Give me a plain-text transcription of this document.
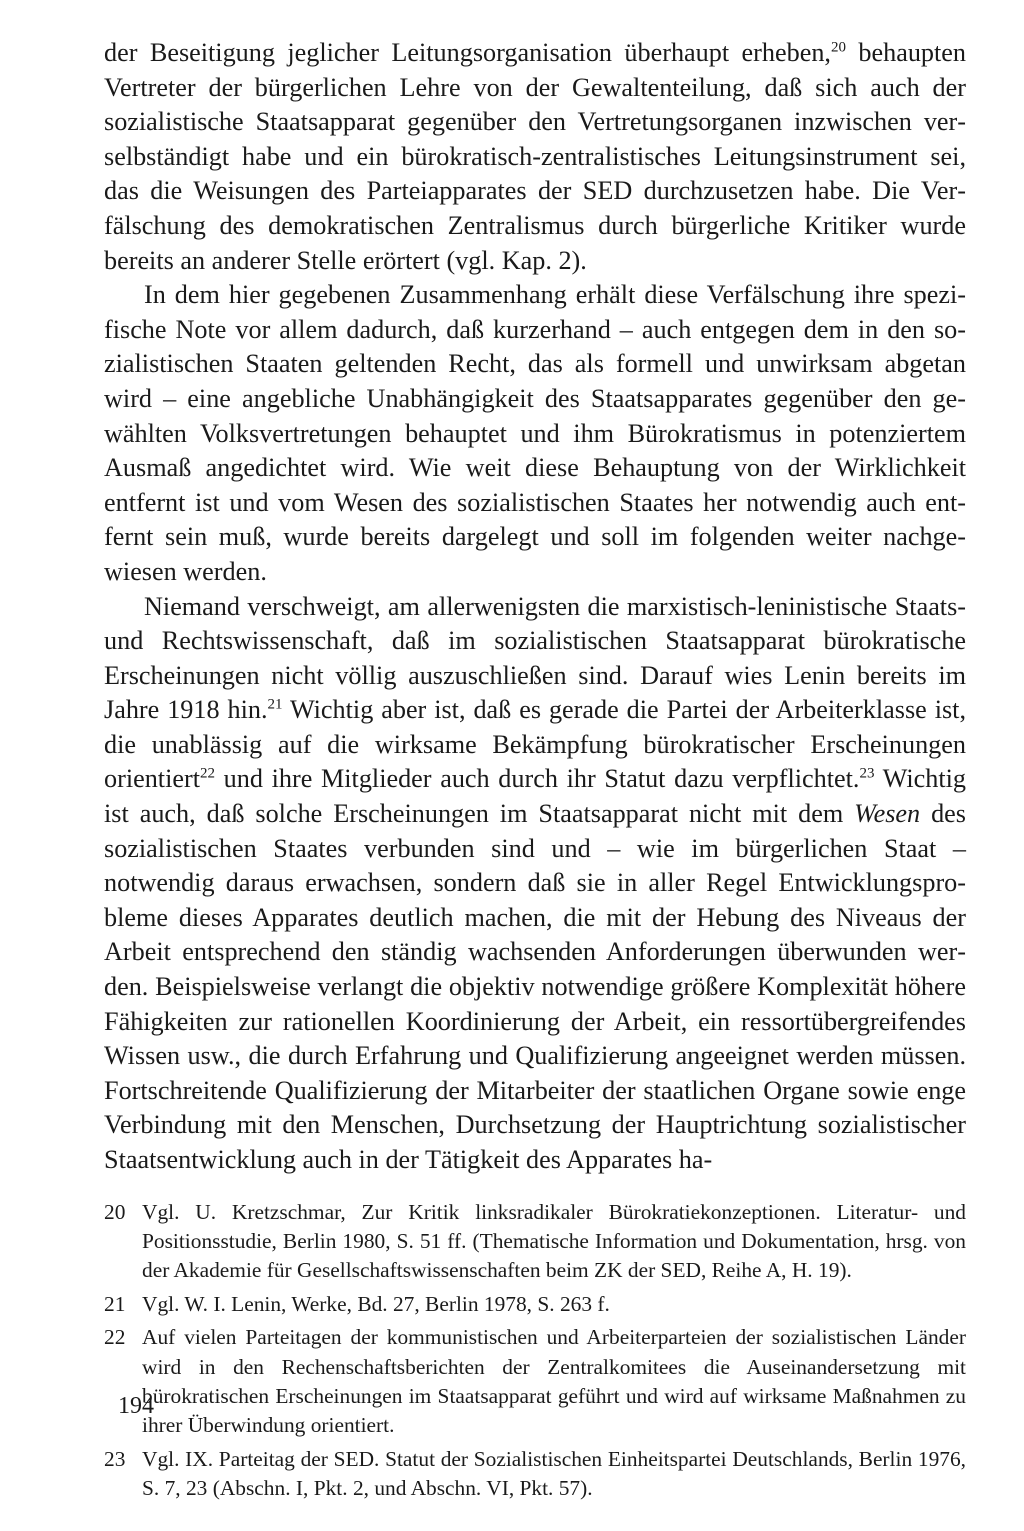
der Beseitigung jeglicher Leitungsorganisation überhaupt erheben,$^{20}$ behaupten Vertreter der bürgerlichen Lehre von der Gewaltenteilung, daß sich auch der sozialistische Staatsapparat gegenüber den Vertretungsorganen inzwischen verselbständigt habe und ein bürokratisch-zentralistisches Leitungsinstrument sei, das die Weisungen des Parteiapparates der SED durchzusetzen habe. Die Verfälschung des demokratischen Zentralismus durch bürgerliche Kritiker wurde bereits an anderer Stelle erörtert (vgl. Kap. 2).

In dem hier gegebenen Zusammenhang erhält diese Verfälschung ihre spezifische Note vor allem dadurch, daß kurzerhand – auch entgegen dem in den sozialistischen Staaten geltenden Recht, das als formell und unwirksam abgetan wird – eine angebliche Unabhängigkeit des Staatsapparates gegenüber den gewählten Volksvertretungen behauptet und ihm Bürokratismus in potenziertem Ausmaß angedichtet wird. Wie weit diese Behauptung von der Wirklichkeit entfernt ist und vom Wesen des sozialistischen Staates her notwendig auch entfernt sein muß, wurde bereits dargelegt und soll im folgenden weiter nachgewiesen werden.

Niemand verschweigt, am allerwenigsten die marxistisch-leninistische Staats- und Rechtswissenschaft, daß im sozialistischen Staatsapparat bürokratische Erscheinungen nicht völlig auszuschließen sind. Darauf wies Lenin bereits im Jahre 1918 hin.$^{21}$ Wichtig aber ist, daß es gerade die Partei der Arbeiterklasse ist, die unablässig auf die wirksame Bekämpfung bürokratischer Erscheinungen orientiert$^{22}$ und ihre Mitglieder auch durch ihr Statut dazu verpflichtet.$^{23}$ Wichtig ist auch, daß solche Erscheinungen im Staatsapparat nicht mit dem Wesen des sozialistischen Staates verbunden sind und – wie im bürgerlichen Staat – notwendig daraus erwachsen, sondern daß sie in aller Regel Entwicklungsprobleme dieses Apparates deutlich machen, die mit der Hebung des Niveaus der Arbeit entsprechend den ständig wachsenden Anforderungen überwunden werden. Beispielsweise verlangt die objektiv notwendige größere Komplexität höhere Fähigkeiten zur rationellen Koordinierung der Arbeit, ein ressortübergreifendes Wissen usw., die durch Erfahrung und Qualifizierung angeeignet werden müssen. Fortschreitende Qualifizierung der Mitarbeiter der staatlichen Organe sowie enge Verbindung mit den Menschen, Durchsetzung der Hauptrichtung sozialistischer Staatsentwicklung auch in der Tätigkeit des Apparates ha-

20 Vgl. U. Kretzschmar, Zur Kritik linksradikaler Bürokratiekonzeptionen. Literatur- und Positionsstudie, Berlin 1980, S. 51 ff. (Thematische Information und Dokumentation, hrsg. von der Akademie für Gesellschaftswissenschaften beim ZK der SED, Reihe A, H. 19).
21 Vgl. W. I. Lenin, Werke, Bd. 27, Berlin 1978, S. 263 f.
22 Auf vielen Parteitagen der kommunistischen und Arbeiterparteien der sozialistischen Länder wird in den Rechenschaftsberichten der Zentralkomitees die Auseinandersetzung mit bürokratischen Erscheinungen im Staatsapparat geführt und wird auf wirksame Maßnahmen zu ihrer Überwindung orientiert.
23 Vgl. IX. Parteitag der SED. Statut der Sozialistischen Einheitspartei Deutschlands, Berlin 1976, S. 7, 23 (Abschn. I, Pkt. 2, und Abschn. VI, Pkt. 57).
194
